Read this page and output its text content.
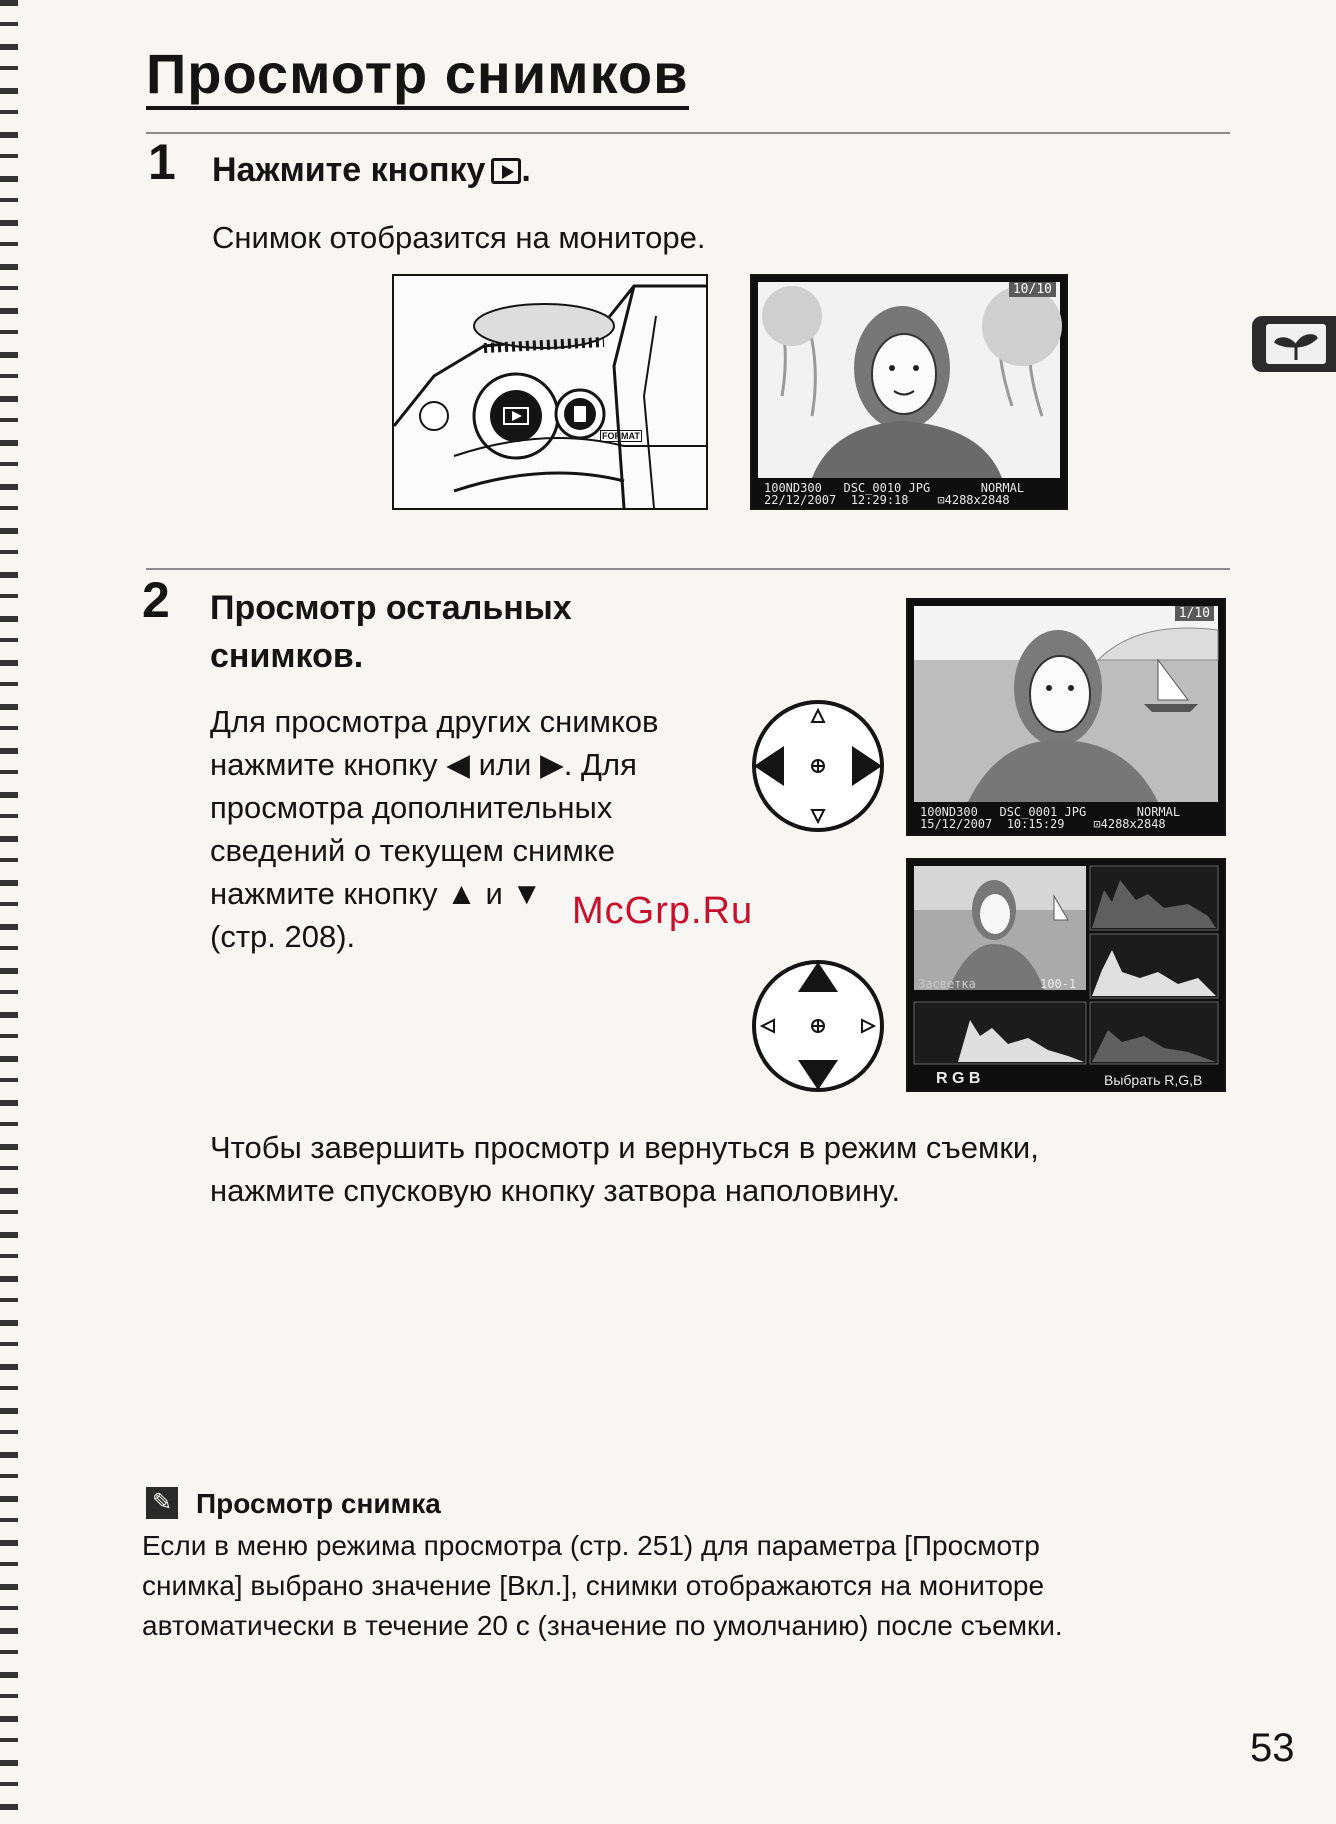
Просмотр снимков
1 Нажмите кнопку .

Снимок отобразится на мониторе.

FORMAT
10/10
100ND300   DSC_0010 JPG       NORMAL
22/12/2007  12:29:18    ⊡4288x2848
2 Просмотр остальных
снимков.
Для просмотра других снимков
нажмите кнопку ◀ или ▶. Для
просмотра дополнительных
сведений о текущем снимке
нажмите кнопку ▲ и ▼
(стр. 208).
McGrp.Ru
1/10
100ND300   DSC_0001 JPG       NORMAL
15/12/2007  10:15:29    ⊡4288x2848
Засветка	100-1
R G B	Выбрать R,G,B
Чтобы завершить просмотр и вернуться в режим съемки,
нажмите спусковую кнопку затвора наполовину.
✎ Просмотр снимка
Если в меню режима просмотра (стр. 251) для параметра [Просмотр
снимка] выбрано значение [Вкл.], снимки отображаются на мониторе
автоматически в течение 20 с (значение по умолчанию) после съемки.
53
